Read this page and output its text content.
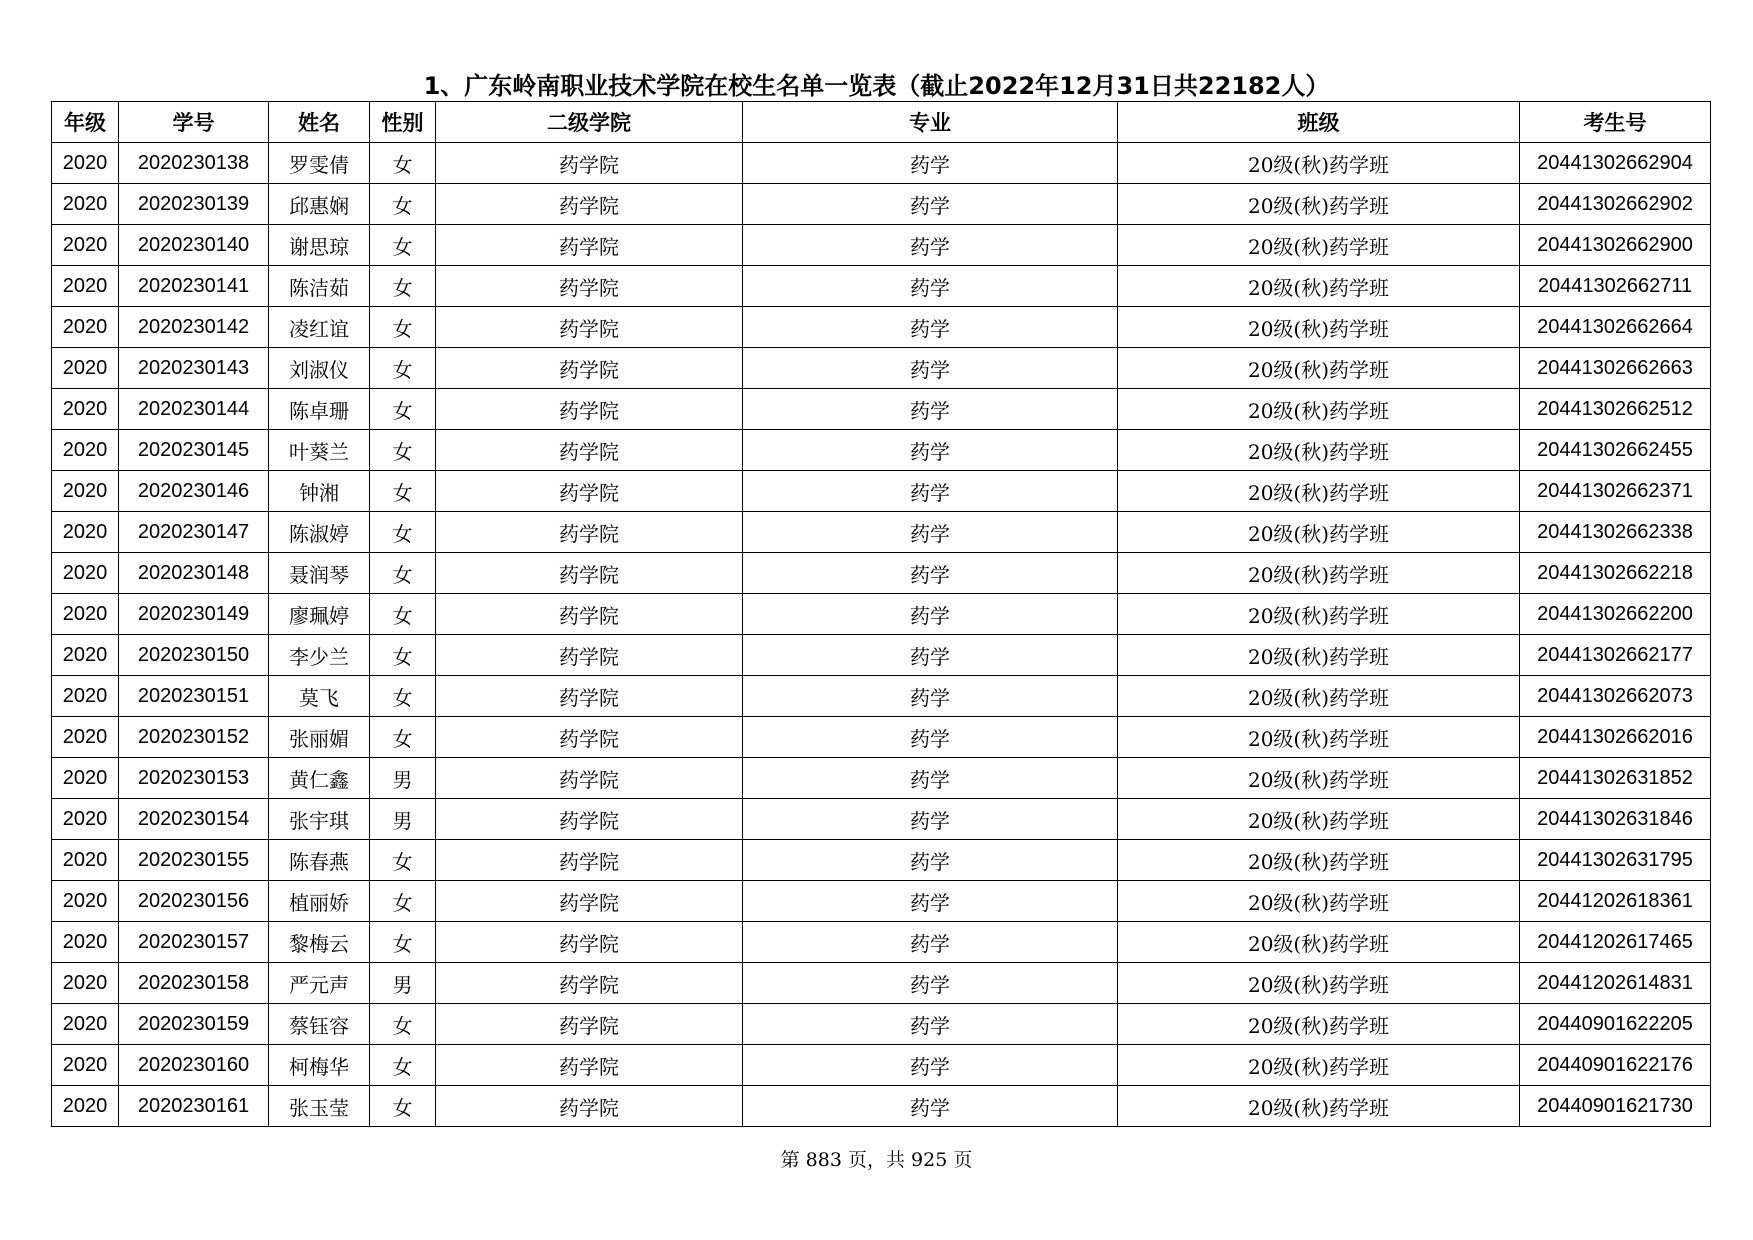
1、广东岭南职业技术学院在校生名单一览表（截止2022年12月31日共22182人）
年级	学号	姓名	性别	二级学院	专业	班级	考生号
2020	2020230138	罗雯倩	女	药学院	药学	20级(秋)药学班	20441302662904
2020	2020230139	邱惠娴	女	药学院	药学	20级(秋)药学班	20441302662902
2020	2020230140	谢思琼	女	药学院	药学	20级(秋)药学班	20441302662900
2020	2020230141	陈洁茹	女	药学院	药学	20级(秋)药学班	20441302662711
2020	2020230142	凌红谊	女	药学院	药学	20级(秋)药学班	20441302662664
2020	2020230143	刘淑仪	女	药学院	药学	20级(秋)药学班	20441302662663
2020	2020230144	陈卓珊	女	药学院	药学	20级(秋)药学班	20441302662512
2020	2020230145	叶葵兰	女	药学院	药学	20级(秋)药学班	20441302662455
2020	2020230146	钟湘	女	药学院	药学	20级(秋)药学班	20441302662371
2020	2020230147	陈淑婷	女	药学院	药学	20级(秋)药学班	20441302662338
2020	2020230148	聂润琴	女	药学院	药学	20级(秋)药学班	20441302662218
2020	2020230149	廖珮婷	女	药学院	药学	20级(秋)药学班	20441302662200
2020	2020230150	李少兰	女	药学院	药学	20级(秋)药学班	20441302662177
2020	2020230151	莫飞	女	药学院	药学	20级(秋)药学班	20441302662073
2020	2020230152	张丽媚	女	药学院	药学	20级(秋)药学班	20441302662016
2020	2020230153	黄仁鑫	男	药学院	药学	20级(秋)药学班	20441302631852
2020	2020230154	张宇琪	男	药学院	药学	20级(秋)药学班	20441302631846
2020	2020230155	陈春燕	女	药学院	药学	20级(秋)药学班	20441302631795
2020	2020230156	植丽娇	女	药学院	药学	20级(秋)药学班	20441202618361
2020	2020230157	黎梅云	女	药学院	药学	20级(秋)药学班	20441202617465
2020	2020230158	严元声	男	药学院	药学	20级(秋)药学班	20441202614831
2020	2020230159	蔡钰容	女	药学院	药学	20级(秋)药学班	20440901622205
2020	2020230160	柯梅华	女	药学院	药学	20级(秋)药学班	20440901622176
2020	2020230161	张玉莹	女	药学院	药学	20级(秋)药学班	20440901621730
第 883 页，共 925 页
